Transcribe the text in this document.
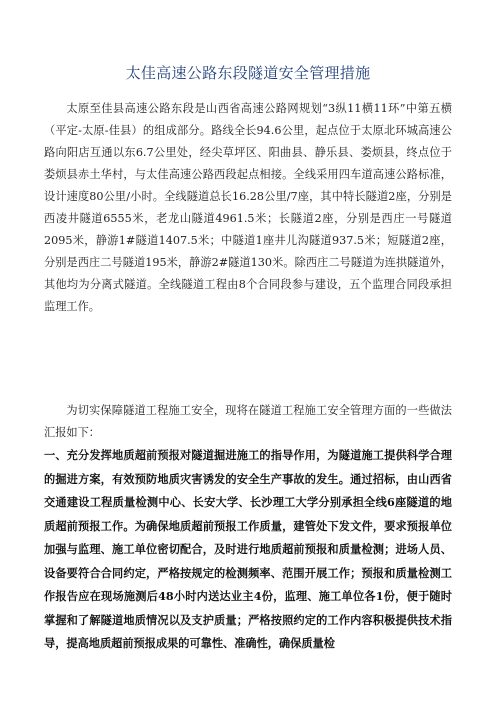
太佳高速公路东段隧道安全管理措施

太原至佳县高速公路东段是山西省高速公路网规划“3纵11横11环”中第五横（平定-太原-佳县）的组成部分。路线全长94.6公里，起点位于太原北环城高速公路向阳店互通以东6.7公里处，经尖草坪区、阳曲县、静乐县、娄烦县，终点位于娄烦县赤土华村，与太佳高速公路西段起点相接。全线采用四车道高速公路标准，设计速度80公里/小时。全线隧道总长16.28公里/7座，其中特长隧道2座，分别是西凌井隧道6555米，老龙山隧道4961.5米；长隧道2座，分别是西庄一号隧道2095米，静游1#隧道1407.5米；中隧道1座井儿沟隧道937.5米；短隧道2座，分别是西庄二号隧道195米，静游2#隧道130米。除西庄二号隧道为连拱隧道外，其他均为分离式隧道。全线隧道工程由8个合同段参与建设，五个监理合同段承担监理工作。

为切实保障隧道工程施工安全，现将在隧道工程施工安全管理方面的一些做法汇报如下：

一、充分发挥地质超前预报对隧道掘进施工的指导作用，为隧道施工提供科学合理的掘进方案，有效预防地质灾害诱发的安全生产事故的发生。通过招标，由山西省交通建设工程质量检测中心、长安大学、长沙理工大学分别承担全线6座隧道的地质超前预报工作。为确保地质超前预报工作质量，建管处下发文件，要求预报单位加强与监理、施工单位密切配合，及时进行地质超前预报和质量检测；进场人员、设备要符合合同约定，严格按规定的检测频率、范围开展工作；预报和质量检测工作报告应在现场施测后48小时内送达业主4份，监理、施工单位各1份，便于随时掌握和了解隧道地质情况以及支护质量；严格按照约定的工作内容积极提供技术指导，提高地质超前预报成果的可靠性、准确性，确保质量检
